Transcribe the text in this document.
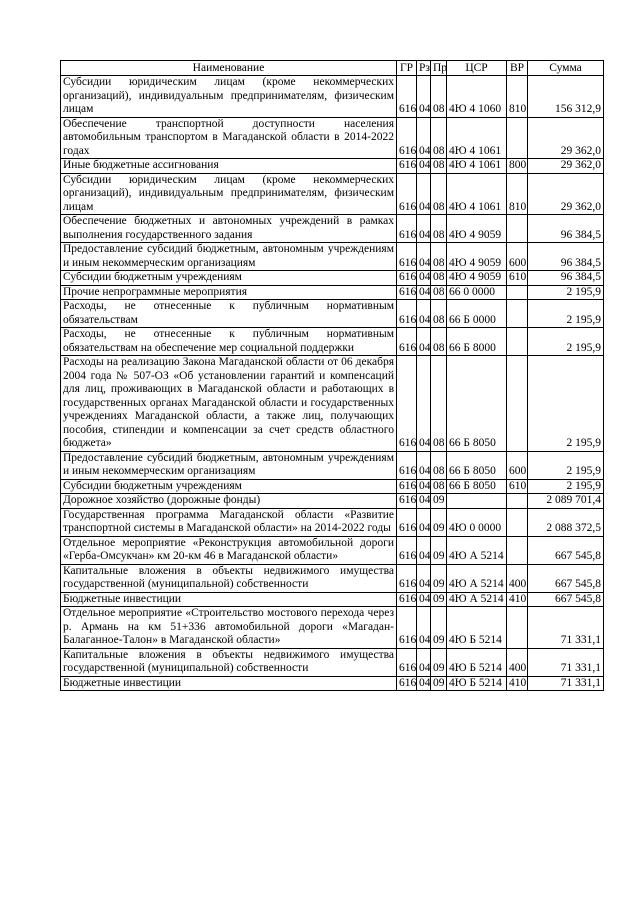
Наименование	ГР	Рз	Пр	ЦСР	ВР	Сумма
Субсидии юридическим лицам (кроме некоммерческих организаций), индивидуальным предпринимателям, физическим лицам	616	04	08	4Ю 4 1060	810	156 312,9
Обеспечение транспортной доступности населения автомобильным транспортом в Магаданской области в 2014-2022 годах	616	04	08	4Ю 4 1061		29 362,0
Иные бюджетные ассигнования	616	04	08	4Ю 4 1061	800	29 362,0
Субсидии юридическим лицам (кроме некоммерческих организаций), индивидуальным предпринимателям, физическим лицам	616	04	08	4Ю 4 1061	810	29 362,0
Обеспечение бюджетных и автономных учреждений в рамках выполнения государственного задания	616	04	08	4Ю 4 9059		96 384,5
Предоставление субсидий бюджетным, автономным учреждениям и иным некоммерческим организациям	616	04	08	4Ю 4 9059	600	96 384,5
Субсидии бюджетным учреждениям	616	04	08	4Ю 4 9059	610	96 384,5
Прочие непрограммные мероприятия	616	04	08	66 0 0000		2 195,9
Расходы, не отнесенные к публичным нормативным обязательствам	616	04	08	66 Б 0000		2 195,9
Расходы, не отнесенные к публичным нормативным обязательствам на обеспечение мер социальной поддержки	616	04	08	66 Б 8000		2 195,9
Расходы на реализацию Закона Магаданской области от 06 декабря 2004 года № 507-ОЗ «Об установлении гарантий и компенсаций для лиц, проживающих в Магаданской области и работающих в государственных органах Магаданской области и государственных учреждениях Магаданской области, а также лиц, получающих пособия, стипендии и компенсации за счет средств областного бюджета»	616	04	08	66 Б 8050		2 195,9
Предоставление субсидий бюджетным, автономным учреждениям и иным некоммерческим организациям	616	04	08	66 Б 8050	600	2 195,9
Субсидии бюджетным учреждениям	616	04	08	66 Б 8050	610	2 195,9
Дорожное хозяйство (дорожные фонды)	616	04	09			2 089 701,4
Государственная программа Магаданской области «Развитие транспортной системы в Магаданской области» на 2014-2022 годы	616	04	09	4Ю 0 0000		2 088 372,5
Отдельное мероприятие «Реконструкция автомобильной дороги «Герба-Омсукчан» км 20-км 46 в Магаданской области»	616	04	09	4Ю А 5214		667 545,8
Капитальные вложения в объекты недвижимого имущества государственной (муниципальной) собственности	616	04	09	4Ю А 5214	400	667 545,8
Бюджетные инвестиции	616	04	09	4Ю А 5214	410	667 545,8
Отдельное мероприятие «Строительство мостового перехода через р. Армань на км 51+336 автомобильной дороги «Магадан-Балаганное-Талон» в Магаданской области»	616	04	09	4Ю Б 5214		71 331,1
Капитальные вложения в объекты недвижимого имущества государственной (муниципальной) собственности	616	04	09	4Ю Б 5214	400	71 331,1
Бюджетные инвестиции	616	04	09	4Ю Б 5214	410	71 331,1
